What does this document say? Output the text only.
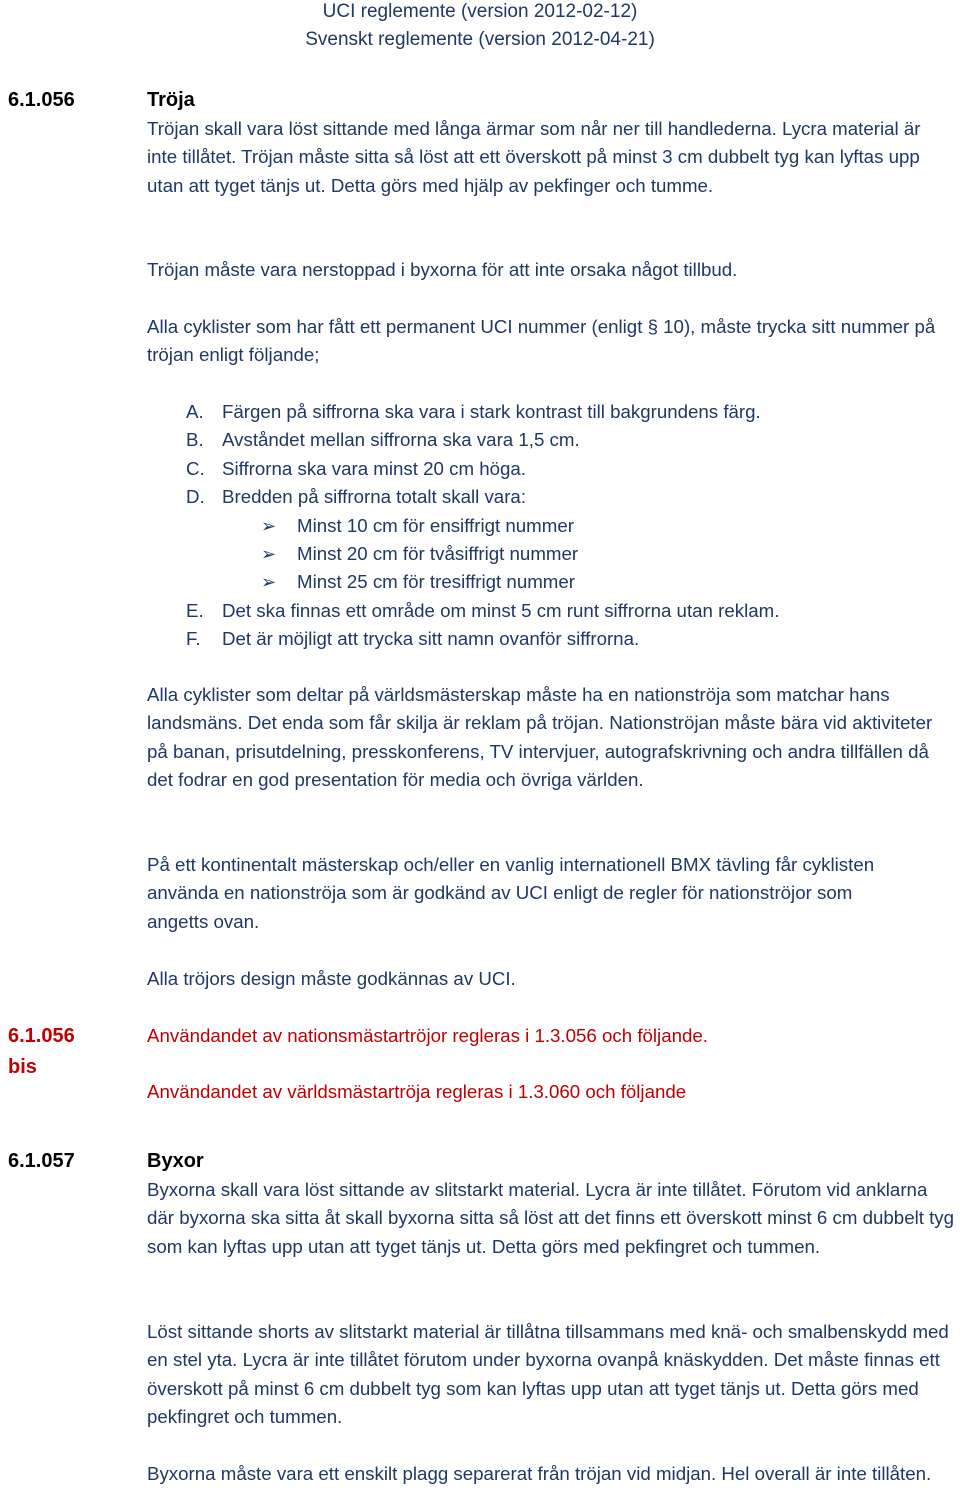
UCI reglemente (version 2012-02-12)
Svenskt reglemente (version 2012-04-21)
6.1.056	Tröja
Tröjan skall vara löst sittande med långa ärmar som når ner till handlederna. Lycra material är inte tillåtet. Tröjan måste sitta så löst att ett överskott på minst 3 cm dubbelt tyg kan lyftas upp utan att tyget tänjs ut. Detta görs med hjälp av pekfinger och tumme.
Tröjan måste vara nerstoppad i byxorna för att inte orsaka något tillbud.
Alla cyklister som har fått ett permanent UCI nummer (enligt § 10), måste trycka sitt nummer på tröjan enligt följande;
A. Färgen på siffrorna ska vara i stark kontrast till bakgrundens färg.
B. Avståndet mellan siffrorna ska vara 1,5 cm.
C. Siffrorna ska vara minst 20 cm höga.
D. Bredden på siffrorna totalt skall vara:
➢	Minst 10 cm för ensiffrigt nummer
➢	Minst 20 cm för tvåsiffrigt nummer
➢	Minst 25 cm för tresiffrigt nummer
E. Det ska finnas ett område om minst 5 cm runt siffrorna utan reklam.
F.	Det är möjligt att trycka sitt namn ovanför siffrorna.
Alla cyklister som deltar på världsmästerskap måste ha en nationströja som matchar hans landsmäns. Det enda som får skilja är reklam på tröjan. Nationströjan måste bära vid aktiviteter på banan, prisutdelning, presskonferens, TV intervjuer, autografskrivning och andra tillfällen då det fodrar en god presentation för media och övriga världen.
På ett kontinentalt mästerskap och/eller en vanlig internationell BMX tävling får cyklisten använda en nationströja som är godkänd av UCI enligt de regler för nationströjor som angetts ovan.
Alla tröjors design måste godkännas av UCI.
6.1.056
bis
Användandet av nationsmästartröjor regleras i 1.3.056 och följande.
Användandet av världsmästartröja regleras i 1.3.060 och följande
6.1.057	Byxor
Byxorna skall vara löst sittande av slitstarkt material. Lycra är inte tillåtet. Förutom vid anklarna där byxorna ska sitta åt skall byxorna sitta så löst att det finns ett överskott minst 6 cm dubbelt tyg som kan lyftas upp utan att tyget tänjs ut. Detta görs med pekfingret och tummen.
Löst sittande shorts av slitstarkt material är tillåtna tillsammans med knä- och smalbenskydd med en stel yta. Lycra är inte tillåtet förutom under byxorna ovanpå knäskydden. Det måste finnas ett överskott på minst 6 cm dubbelt tyg som kan lyftas upp utan att tyget tänjs ut. Detta görs med pekfingret och tummen.
Byxorna måste vara ett enskilt plagg separerat från tröjan vid midjan. Hel overall är inte tillåten.
